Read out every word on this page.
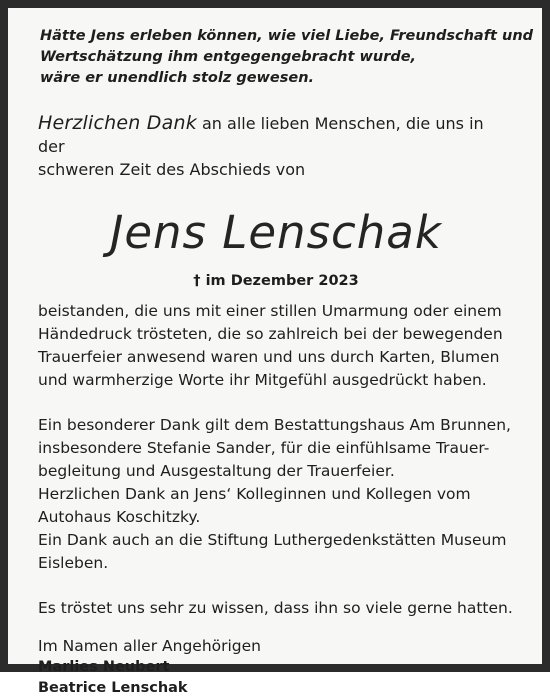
Hätte Jens erleben können, wie viel Liebe, Freundschaft und
Wertschätzung ihm entgegengebracht wurde,
wäre er unendlich stolz gewesen.

Herzlichen Dank an alle lieben Menschen, die uns in der
schweren Zeit des Abschieds von

Jens Lenschak

† im Dezember 2023

beistanden, die uns mit einer stillen Umarmung oder einem
Händedruck trösteten, die so zahlreich bei der bewegenden
Trauerfeier anwesend waren und uns durch Karten, Blumen
und warmherzige Worte ihr Mitgefühl ausgedrückt haben.

Ein besonderer Dank gilt dem Bestattungshaus Am Brunnen,
insbesondere Stefanie Sander, für die einfühlsame Trauer-
begleitung und Ausgestaltung der Trauerfeier.
Herzlichen Dank an Jens‘ Kolleginnen und Kollegen vom
Autohaus Koschitzky.
Ein Dank auch an die Stiftung Luthergedenkstätten Museum
Eisleben.

Es tröstet uns sehr zu wissen, dass ihn so viele gerne hatten.

Im Namen aller Angehörigen
Marlies Neubert
Beatrice Lenschak
